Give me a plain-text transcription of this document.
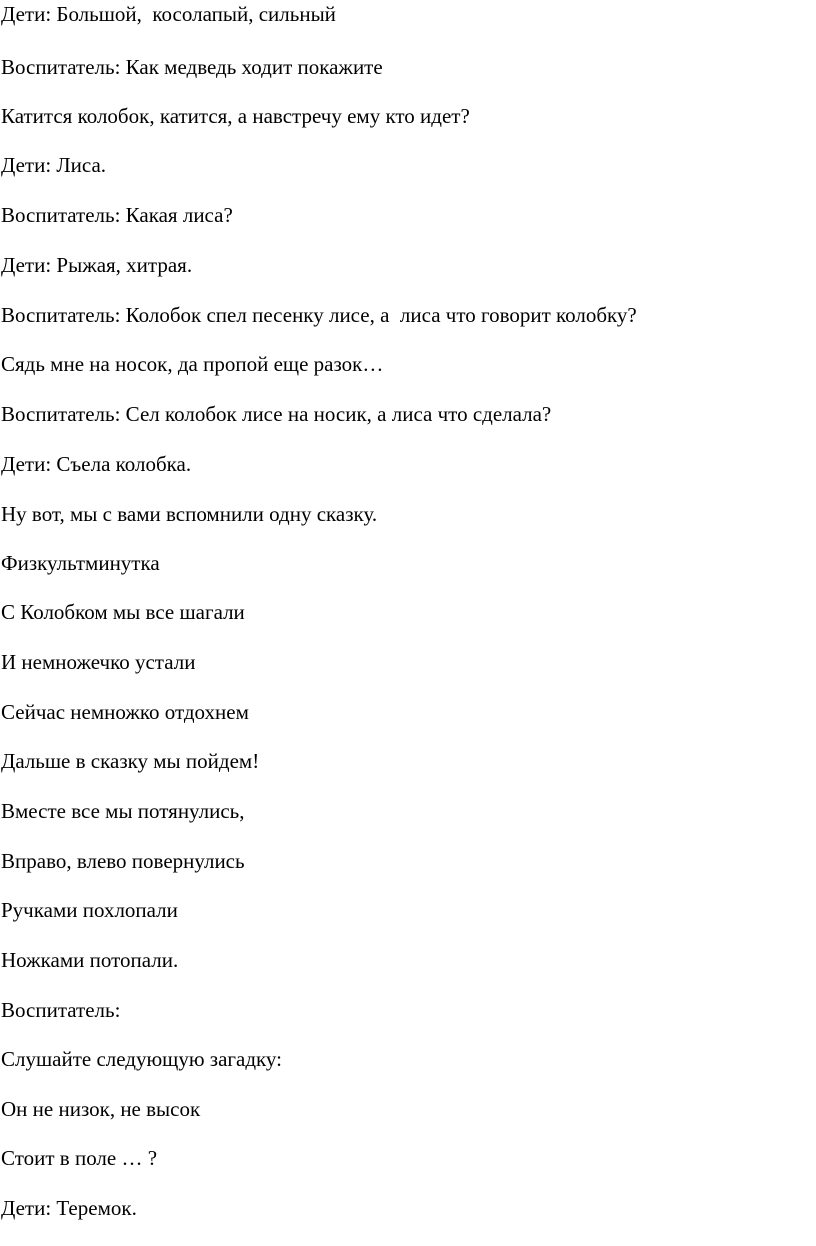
Дети: Большой,  косолапый, сильный

Воспитатель: Как медведь ходит покажите

Катится колобок, катится, а навстречу ему кто идет?

Дети: Лиса.

Воспитатель: Какая лиса?

Дети: Рыжая, хитрая.

Воспитатель: Колобок спел песенку лисе, а  лиса что говорит колобку?

Сядь мне на носок, да пропой еще разок…

Воспитатель: Сел колобок лисе на носик, а лиса что сделала?

Дети: Съела колобка.

Ну вот, мы с вами вспомнили одну сказку.

Физкультминутка

С Колобком мы все шагали

И немножечко устали

Сейчас немножко отдохнем

Дальше в сказку мы пойдем!

Вместе все мы потянулись,

Вправо, влево повернулись

Ручками похлопали

Ножками потопали.

Воспитатель:

Слушайте следующую загадку:

Он не низок, не высок

Стоит в поле … ?

Дети: Теремок.
